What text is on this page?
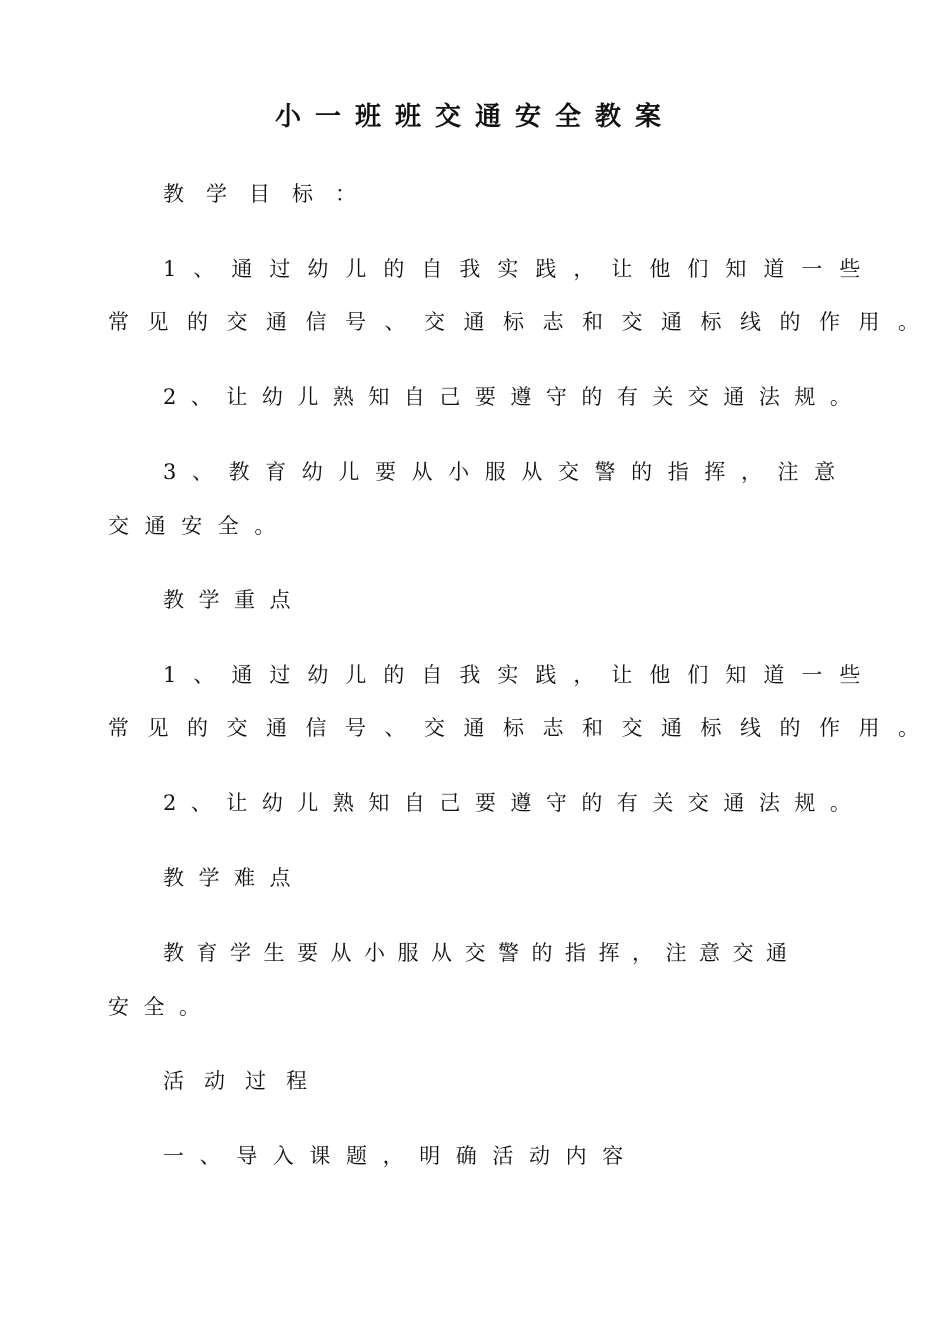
小一班班交通安全教案
教学目标：
1、通过幼儿的自我实践，让他们知道一些
常见的交通信号、交通标志和交通标线的作用。
2、让幼儿熟知自己要遵守的有关交通法规。
3、教育幼儿要从小服从交警的指挥，注意
交通安全。
教学重点
1、通过幼儿的自我实践，让他们知道一些
常见的交通信号、交通标志和交通标线的作用。
2、让幼儿熟知自己要遵守的有关交通法规。
教学难点
教育学生要从小服从交警的指挥，注意交通
安全。
活动过程
一、导入课题，明确活动内容
